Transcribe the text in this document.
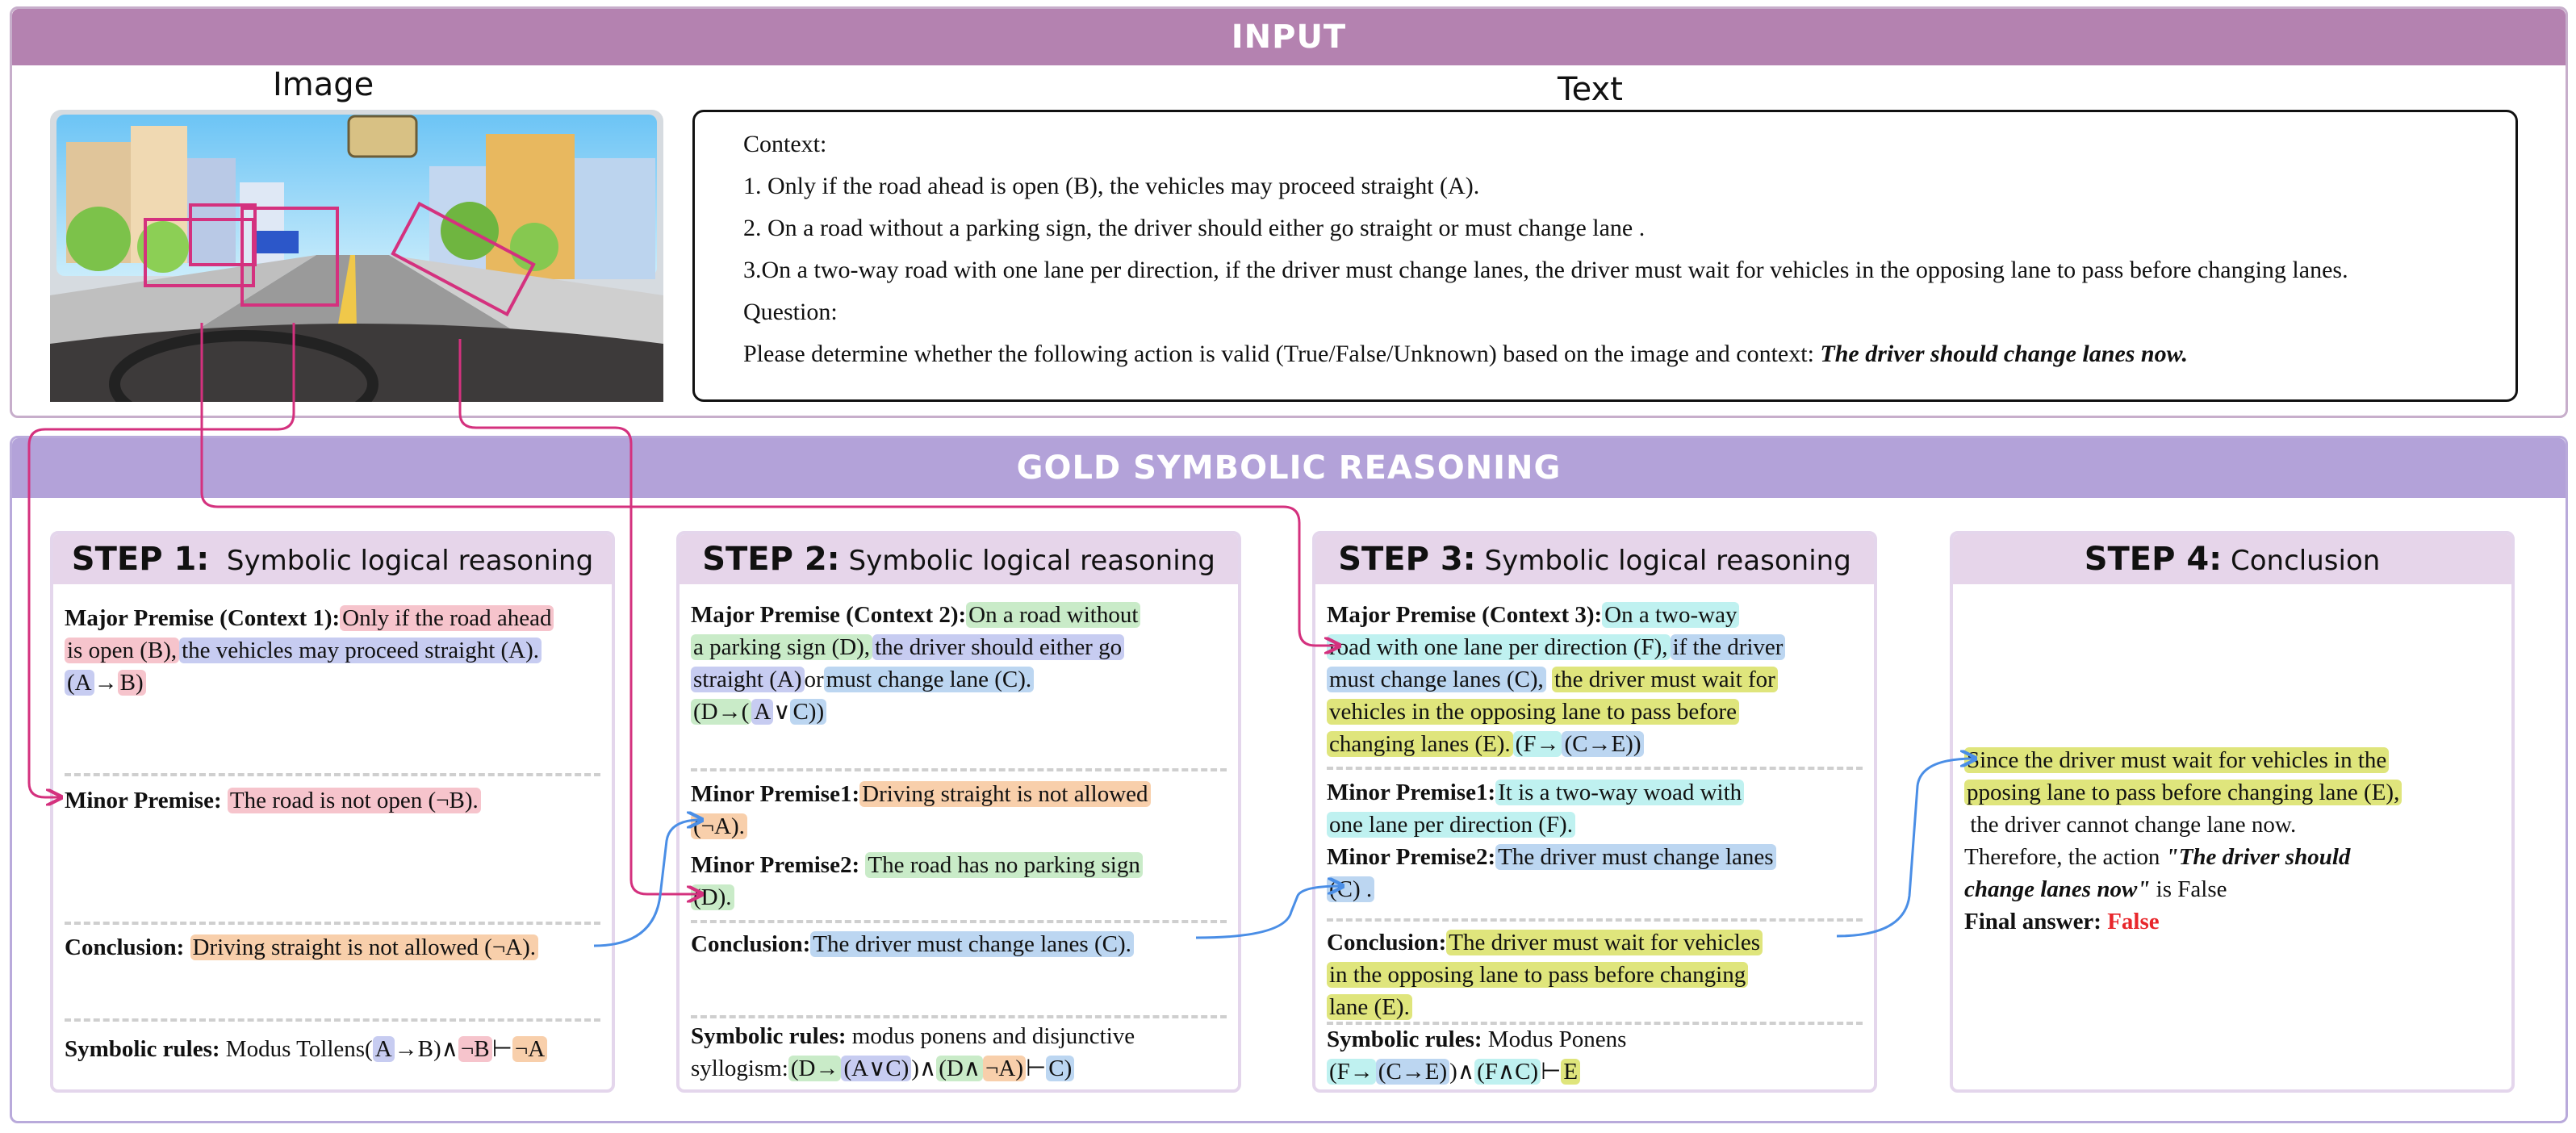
INPUT
Image	Text

Context:

1. Only if the road ahead is open (B), the vehicles may proceed straight (A).

2. On a road without a parking sign, the driver should either go straight or must change lane .

3.On a two-way road with one lane per direction, if the driver must change lanes, the driver must wait for vehicles in the opposing lane to pass before changing lanes.

Question:

Please determine whether the following action is valid (True/False/Unknown) based on the image and context: The driver should change lanes now.

GOLD SYMBOLIC REASONING
STEP 1: Symbolic logical reasoning
Major Premise (Context 1): Only if the road ahead
is open (B), the vehicles may proceed straight (A).
(A → B)
Minor Premise: The road is not open (¬B).
Conclusion: Driving straight is not allowed (¬A).
Symbolic rules: Modus Tollens( A →B)∧ ¬B ⊢ ¬A
STEP 2: Symbolic logical reasoning
Major Premise (Context 2): On a road without
a parking sign (D), the driver should either go
straight (A) or must change lane (C).
(D→( A ∨ C))
Minor Premise1: Driving straight is not allowed
(¬A).
Minor Premise2: The road has no parking sign
(D).
Conclusion: The driver must change lanes (C).
Symbolic rules: modus ponens and disjunctive
syllogism: (D→ (A∨C) )∧ (D∧ ¬A) ⊢ C)
STEP 3: Symbolic logical reasoning
Major Premise (Context 3): On a two-way
road with one lane per direction (F), if the driver
must change lanes (C), the driver must wait for
vehicles in the opposing lane to pass before
changing lanes (E). (F→ (C→E))
Minor Premise1: It is a two-way woad with
one lane per direction (F).
Minor Premise2: The driver must change lanes
(C) .
Conclusion: The driver must wait for vehicles
in the opposing lane to pass before changing
lane (E).
Symbolic rules: Modus Ponens
(F→ (C→E) )∧ (F∧C) ⊢ E
STEP 4: Conclusion
Since the driver must wait for vehicles in the
pposing lane to pass before changing lane (E),
the driver cannot change lane now.
Therefore, the action "The driver should
change lanes now" is False
Final answer: False
